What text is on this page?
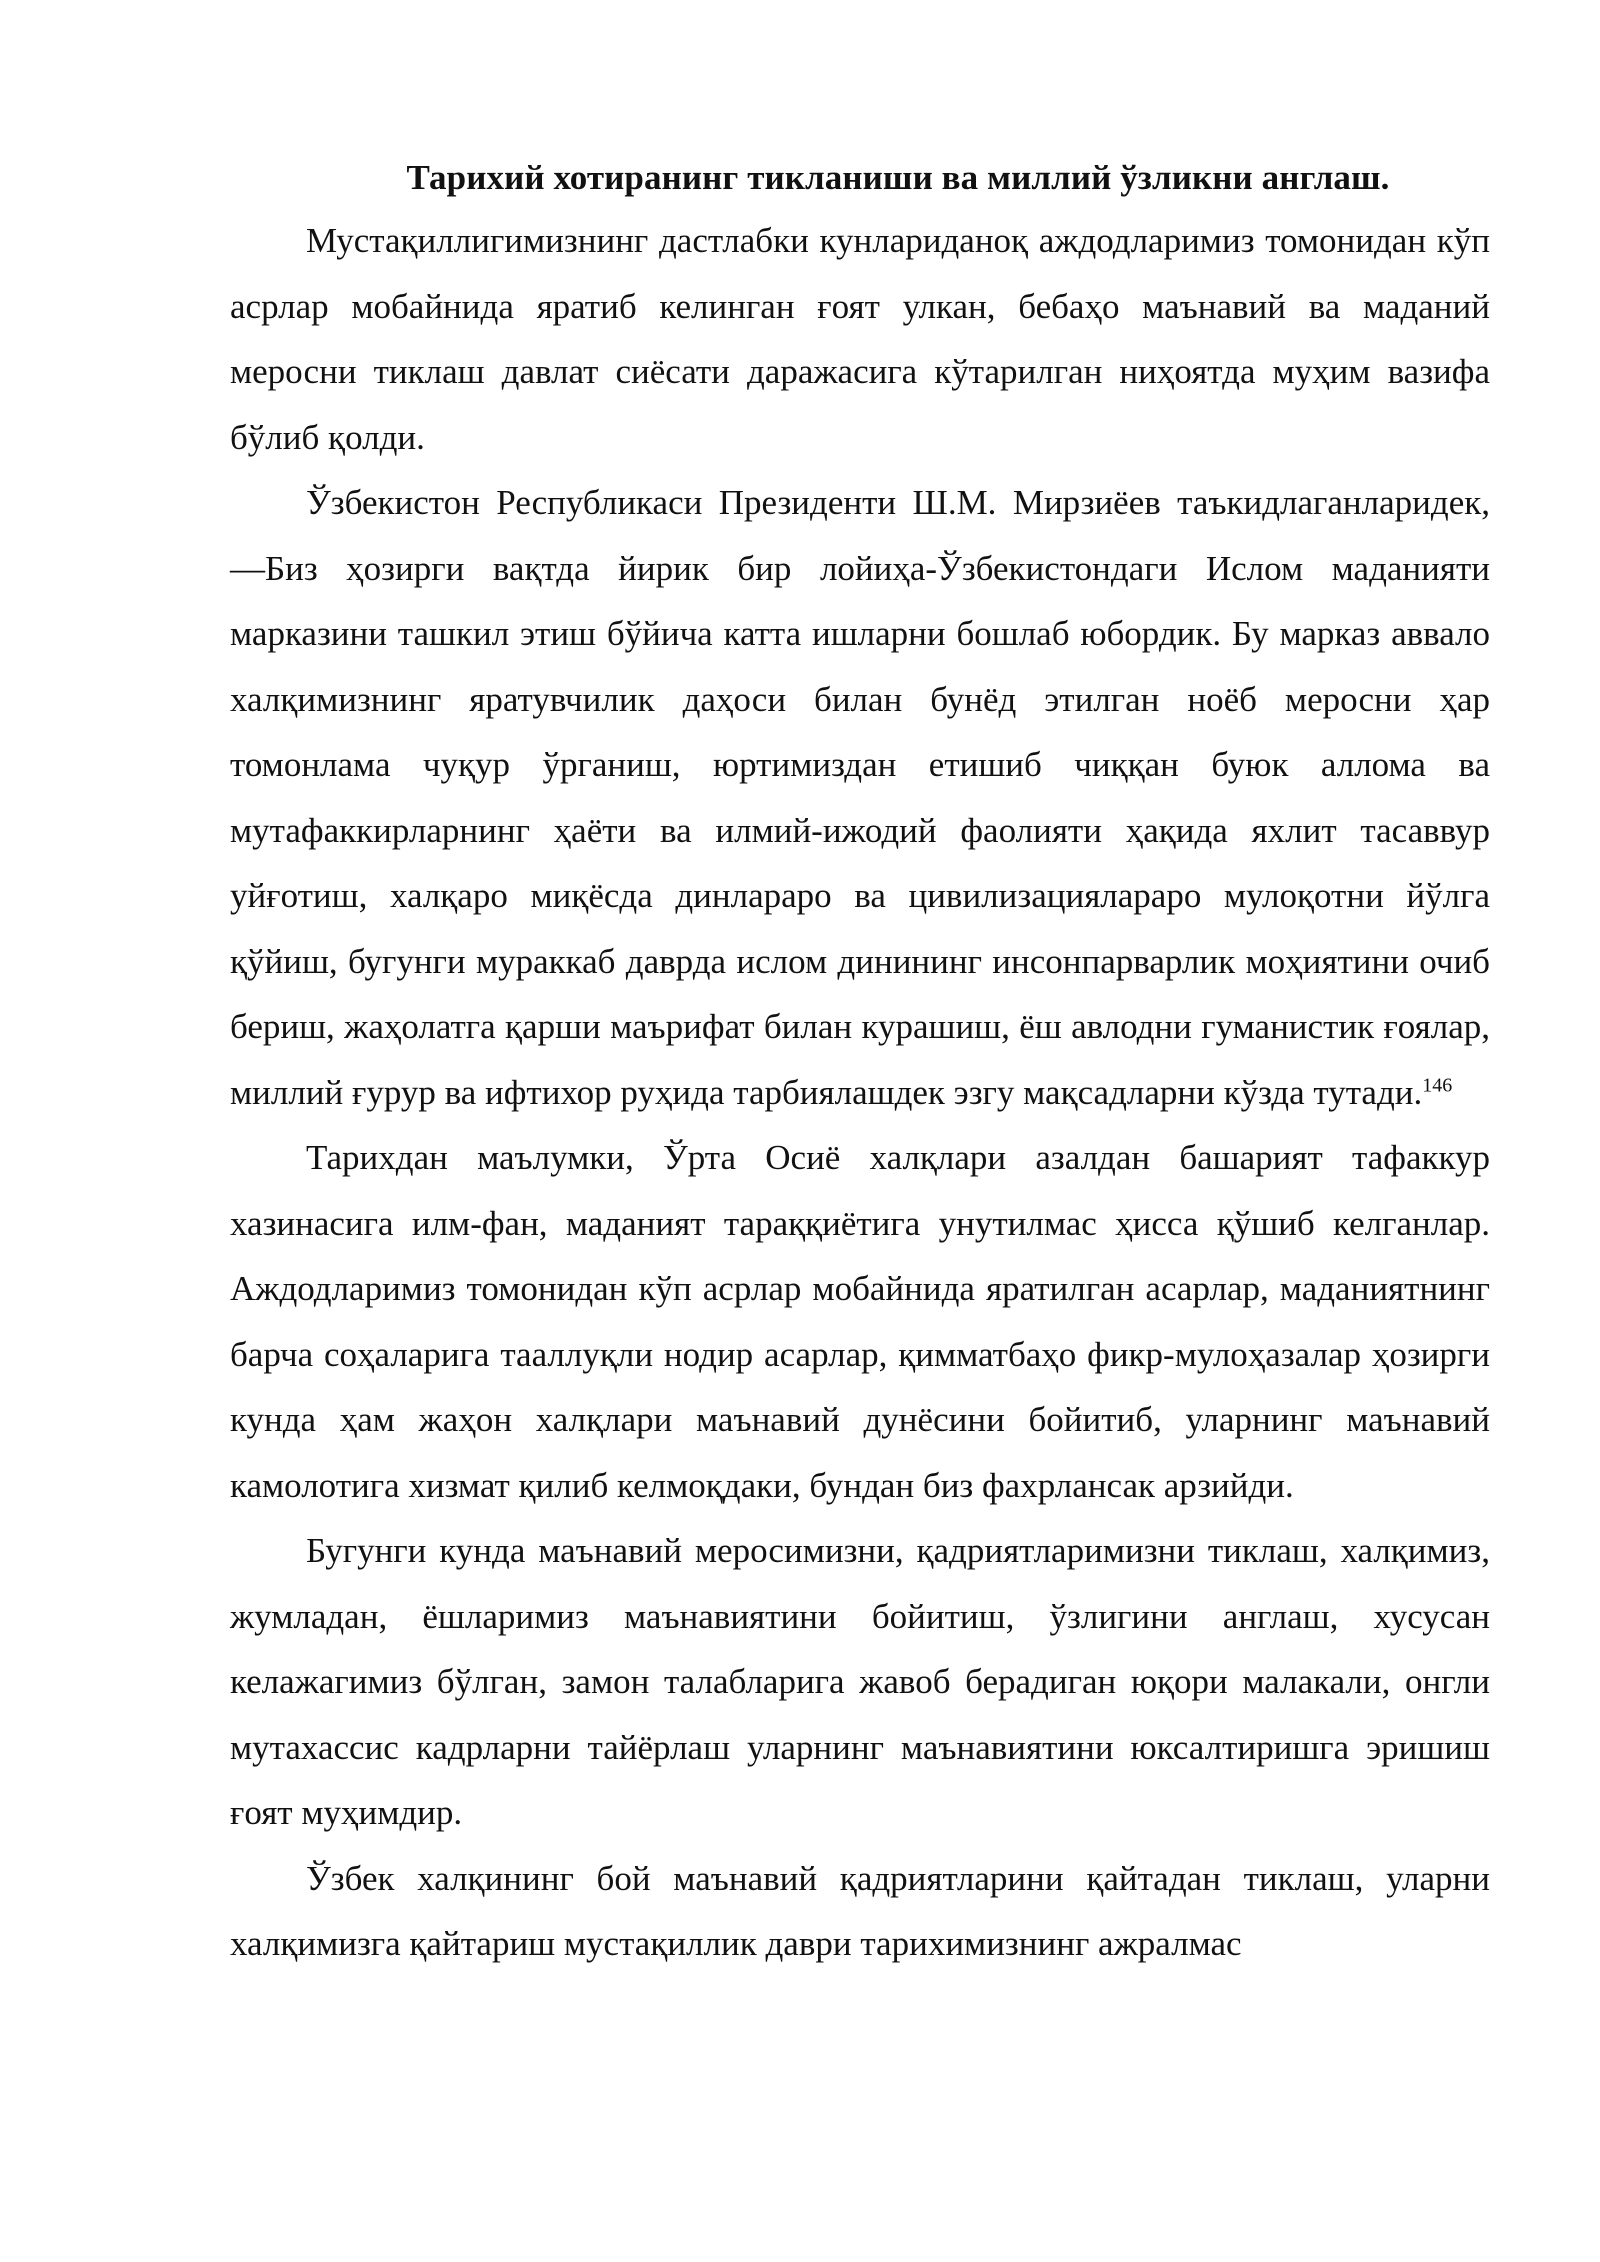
Тарихий хотиранинг тикланиши ва миллий ўзликни англаш.

Мустақиллигимизнинг дастлабки кунлариданоқ аждодларимиз томонидан кўп асрлар мобайнида яратиб келинган ғоят улкан, бебаҳо маънавий ва маданий меросни тиклаш давлат сиёсати даражасига кўтарилган ниҳоятда муҳим вазифа бўлиб қолди.

Ўзбекистон Республикаси Президенти Ш.М. Мирзиёев таъкидлаганларидек, ―Биз ҳозирги вақтда йирик бир лойиҳа-Ўзбекистондаги Ислом маданияти марказини ташкил этиш бўйича катта ишларни бошлаб юбордик. Бу марказ аввало халқимизнинг яратувчилик даҳоси билан бунёд этилган ноёб меросни ҳар томонлама чуқур ўрганиш, юртимиздан етишиб чиққан буюк аллома ва мутафаккирларнинг ҳаёти ва илмий-ижодий фаолияти ҳақида яхлит тасаввур уйғотиш, халқаро миқёсда динлараро ва цивилизациялараро мулоқотни йўлга қўйиш, бугунги мураккаб даврда ислом динининг инсонпарварлик моҳиятини очиб бериш, жаҳолатга қарши маърифат билан курашиш, ёш авлодни гуманистик ғоялар, миллий ғурур ва ифтихор руҳида тарбиялашдек эзгу мақсадларни кўзда тутади.$^{146}$

Тарихдан маълумки, Ўрта Осиё халқлари азалдан башарият тафаккур хазинасига илм-фан, маданият тараққиётига унутилмас ҳисса қўшиб келганлар. Аждодларимиз томонидан кўп асрлар мобайнида яратилган асарлар, маданиятнинг барча соҳаларига тааллуқли нодир асарлар, қимматбаҳо фикр-мулоҳазалар ҳозирги кунда ҳам жаҳон халқлари маънавий дунёсини бойитиб, уларнинг маънавий камолотига хизмат қилиб келмоқдаки, бундан биз фахрлансак арзийди.

Бугунги кунда маънавий меросимизни, қадриятларимизни тиклаш, халқимиз, жумладан, ёшларимиз маънавиятини бойитиш, ўзлигини англаш, хусусан келажагимиз бўлган, замон талабларига жавоб берадиган юқори малакали, онгли мутахассис кадрларни тайёрлаш уларнинг маънавиятини юксалтиришга эришиш ғоят муҳимдир.

Ўзбек халқининг бой маънавий қадриятларини қайтадан тиклаш, уларни халқимизга қайтариш мустақиллик даври тарихимизнинг ажралмас
